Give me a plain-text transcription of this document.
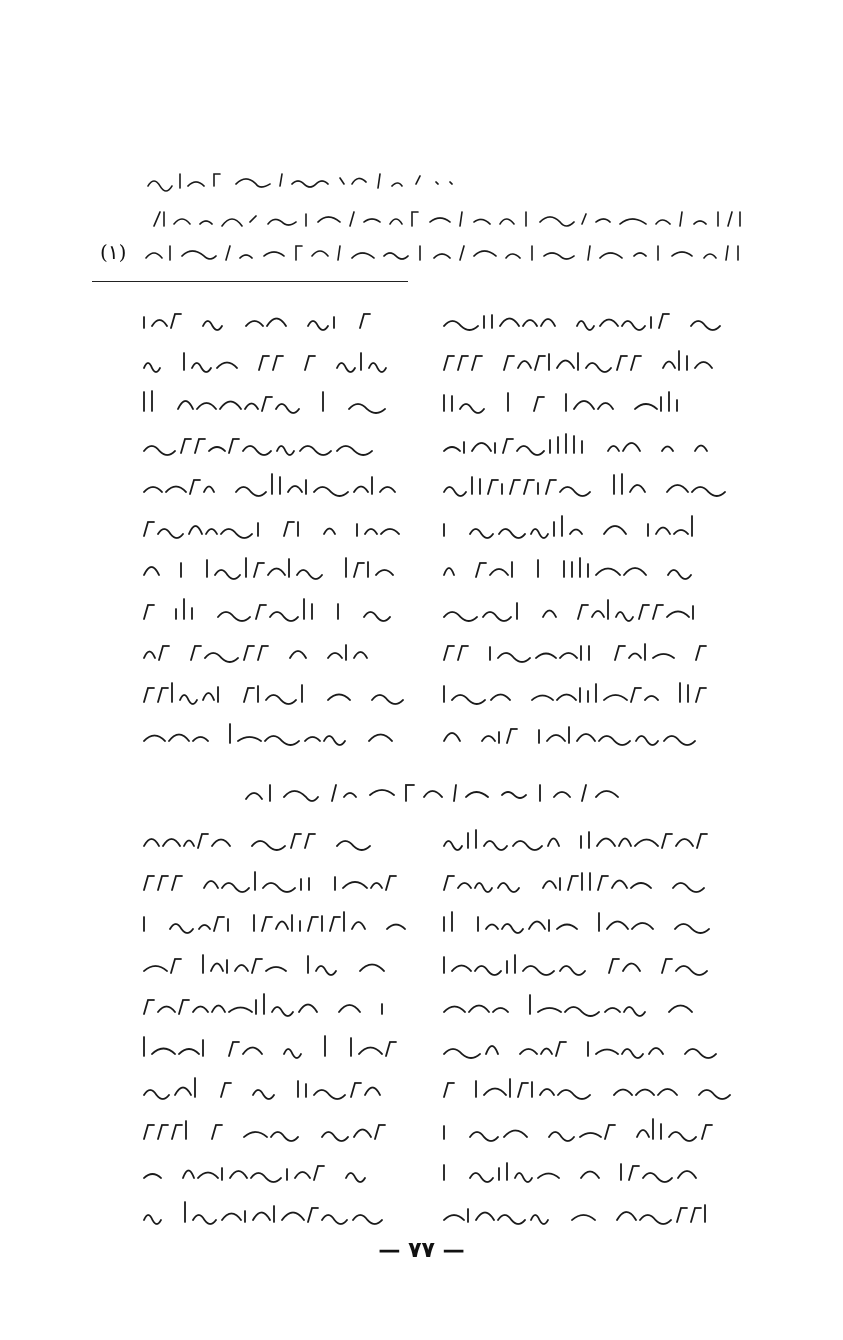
(١)
— ٧٧ —
